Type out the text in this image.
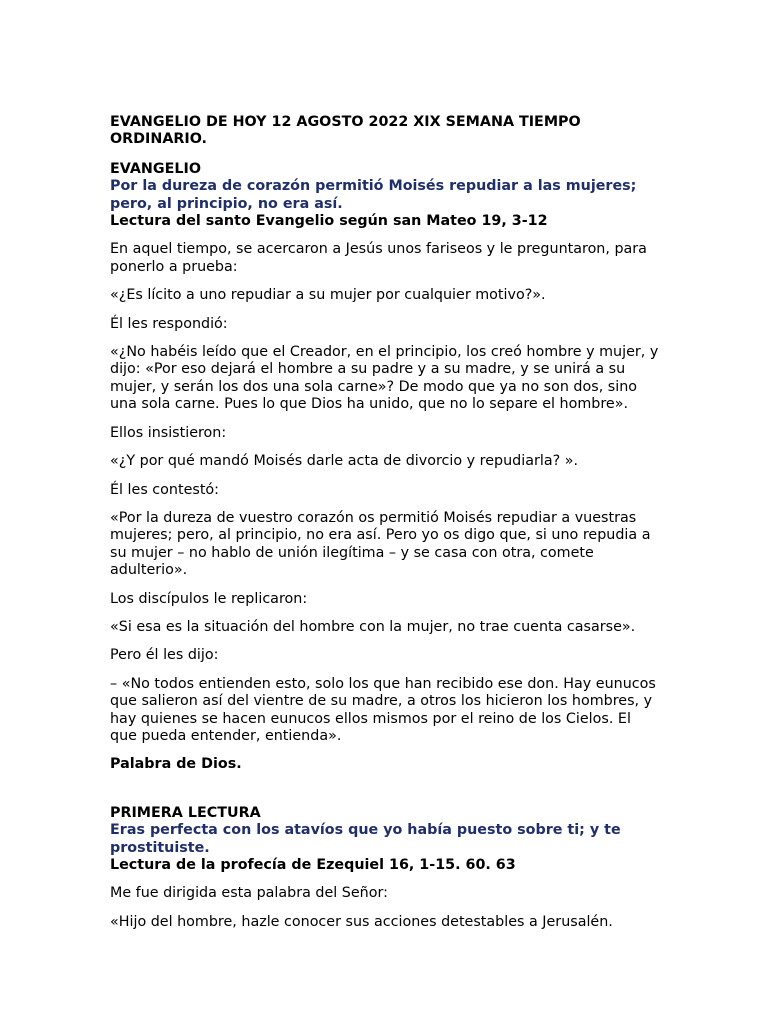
EVANGELIO DE HOY 12 AGOSTO 2022 XIX SEMANA TIEMPO ORDINARIO.

EVANGELIO

Por la dureza de corazón permitió Moisés repudiar a las mujeres; pero, al principio, no era así.

Lectura del santo Evangelio según san Mateo 19, 3-12

En aquel tiempo, se acercaron a Jesús unos fariseos y le preguntaron, para ponerlo a prueba:

«¿Es lícito a uno repudiar a su mujer por cualquier motivo?».

Él les respondió:

«¿No habéis leído que el Creador, en el principio, los creó hombre y mujer, y dijo: «Por eso dejará el hombre a su padre y a su madre, y se unirá a su mujer, y serán los dos una sola carne»? De modo que ya no son dos, sino una sola carne. Pues lo que Dios ha unido, que no lo separe el hombre».

Ellos insistieron:

«¿Y por qué mandó Moisés darle acta de divorcio y repudiarla? ».

Él les contestó:

«Por la dureza de vuestro corazón os permitió Moisés repudiar a vuestras mujeres; pero, al principio, no era así. Pero yo os digo que, si uno repudia a su mujer – no hablo de unión ilegítima – y se casa con otra, comete adulterio».

Los discípulos le replicaron:

«Si esa es la situación del hombre con la mujer, no trae cuenta casarse».

Pero él les dijo:

– «No todos entienden esto, solo los que han recibido ese don. Hay eunucos que salieron así del vientre de su madre, a otros los hicieron los hombres, y hay quienes se hacen eunucos ellos mismos por el reino de los Cielos. El que pueda entender, entienda».

Palabra de Dios.

PRIMERA LECTURA

Eras perfecta con los atavíos que yo había puesto sobre ti; y te prostituiste.

Lectura de la profecía de Ezequiel 16, 1-15. 60. 63

Me fue dirigida esta palabra del Señor:

«Hijo del hombre, hazle conocer sus acciones detestables a Jerusalén.
